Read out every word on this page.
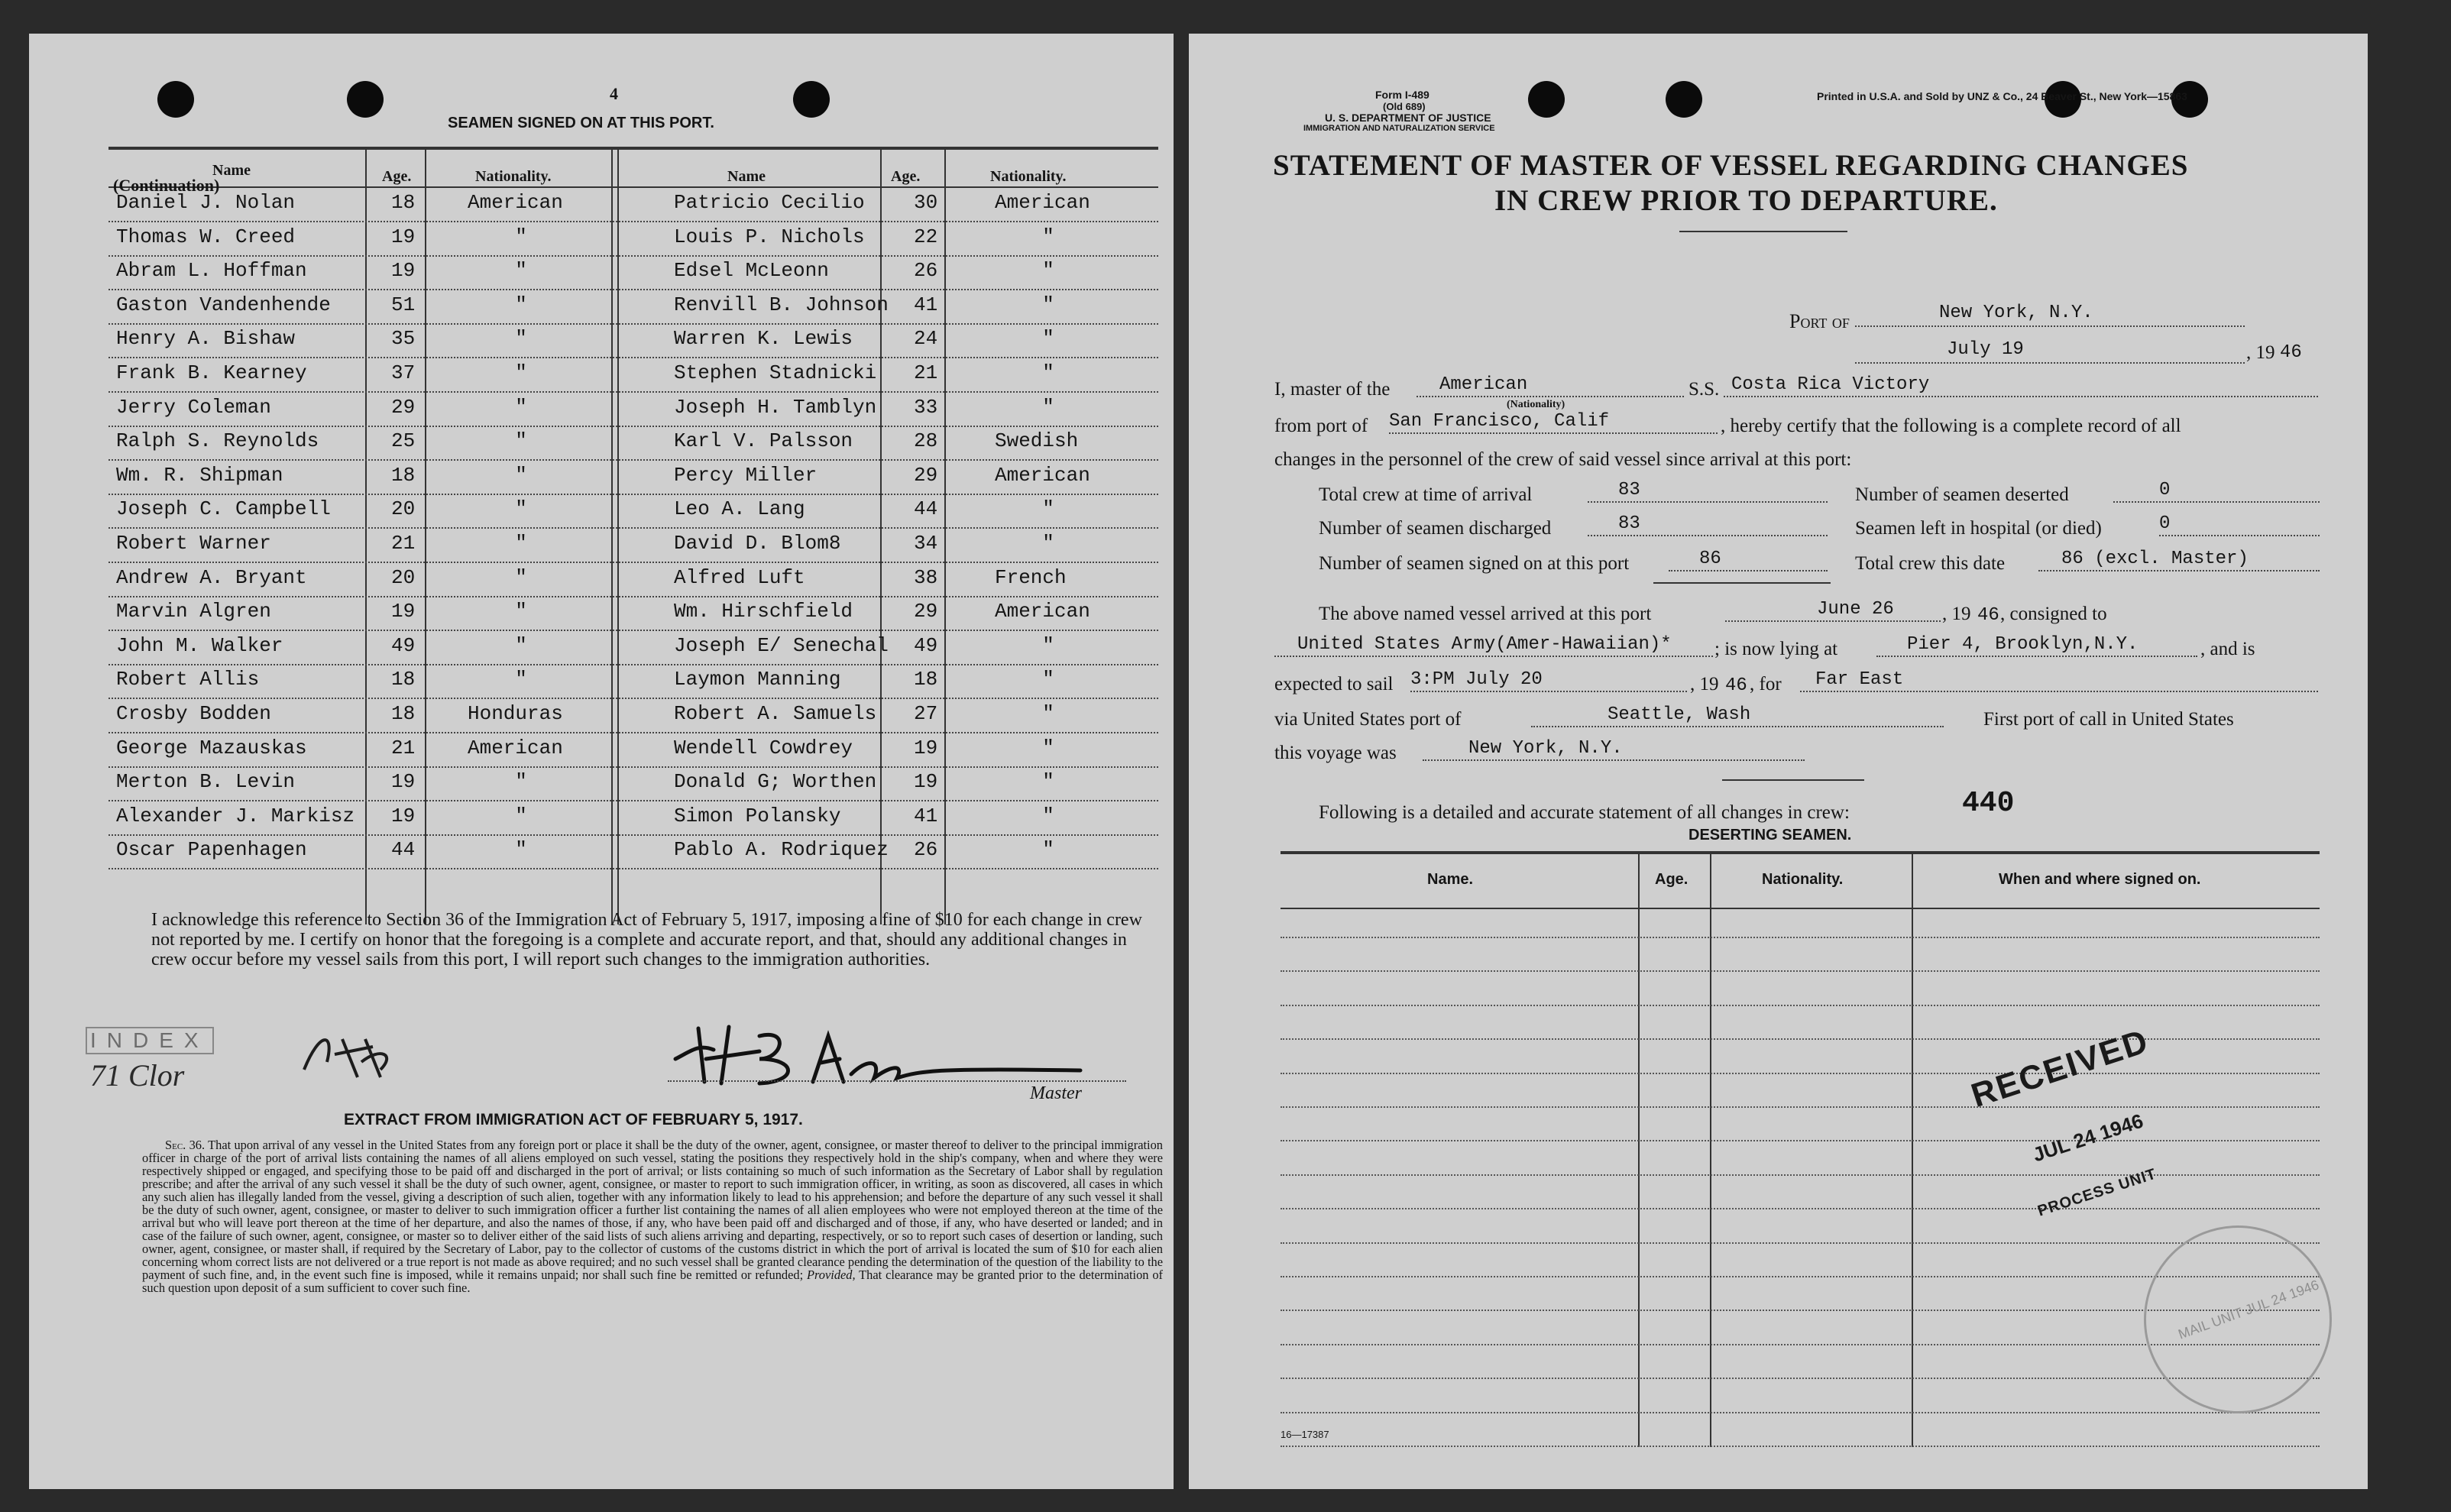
4
SEAMEN SIGNED ON AT THIS PORT.
Name
(Continuation)	Age.	Nationality.	Name	Age.	Nationality.
Daniel J. Nolan	18	American	Patricio Cecilio 30	American
Thomas W. Creed	19	"	Louis P. Nichols 22	"
Abram L. Hoffman	19	"	Edsel McLeonn	26	"
Gaston Vandenhende	51	"	Renvill B. Johnson 41	"
Henry A. Bishaw	35	"	Warren K. Lewis	24	"
Frank B. Kearney	37	"	Stephen Stadnicki 21	"
Jerry Coleman	29	"	Joseph H. Tamblyn 33	"
Ralph S. Reynolds	25	"	Karl V. Palsson	28	Swedish
Wm. R. Shipman	18	"	Percy Miller	29	American
Joseph C. Campbell	20	"	Leo A. Lang	44	"
Robert Warner	21	"	David D. Blom8	34	"
Andrew A. Bryant	20	"	Alfred Luft	38	French
Marvin Algren	19	"	Wm. Hirschfield	29	American
John M. Walker	49	"	Joseph E/ Senechal 49	"
Robert Allis	18	"	Laymon Manning	18	"
Crosby Bodden	18	Honduras	Robert A. Samuels 27	"
George Mazauskas	21	American	Wendell Cowdrey	19	"
Merton B. Levin	19	"	Donald G; Worthen 19	"
Alexander J. Markisz 19	"	Simon Polansky	41	"
Oscar Papenhagen	44	"	Pablo A. Rodriquez 26	"
I acknowledge this reference to Section 36 of the Immigration Act of February 5, 1917, imposing a fine of $10 for each change in crew not reported by me. I certify on honor that the foregoing is a complete and accurate report, and that, should any additional changes in crew occur before my vessel sails from this port, I will report such changes to the immigration authorities.
INDEX
71 Clor
Master
EXTRACT FROM IMMIGRATION ACT OF FEBRUARY 5, 1917.
Sec. 36. That upon arrival of any vessel in the United States from any foreign port or place it shall be the duty of the owner, agent, consignee, or master thereof to deliver to the principal immigration officer in charge of the port of arrival lists containing the names of all aliens employed on such vessel, stating the positions they respectively hold in the ship's company, when and where they were respectively shipped or engaged, and specifying those to be paid off and discharged in the port of arrival; or lists containing so much of such information as the Secretary of Labor shall by regulation prescribe; and after the arrival of any such vessel it shall be the duty of such owner, agent, consignee, or master to report to such immigration officer, in writing, as soon as discovered, all cases in which any such alien has illegally landed from the vessel, giving a description of such alien, together with any information likely to lead to his apprehension; and before the departure of any such vessel it shall be the duty of such owner, agent, consignee, or master to deliver to such immigration officer a further list containing the names of all alien employees who were not employed thereon at the time of the arrival but who will leave port thereon at the time of her departure, and also the names of those, if any, who have been paid off and discharged and of those, if any, who have deserted or landed; and in case of the failure of such owner, agent, consignee, or master so to deliver either of the said lists of such aliens arriving and departing, respectively, or so to report such cases of desertion or landing, such owner, agent, consignee, or master shall, if required by the Secretary of Labor, pay to the collector of customs of the customs district in which the port of arrival is located the sum of $10 for each alien concerning whom correct lists are not delivered or a true report is not made as above required; and no such vessel shall be granted clearance pending the determination of the question of the liability to the payment of such fine, and, in the event such fine is imposed, while it remains unpaid; nor shall such fine be remitted or refunded; Provided, That clearance may be granted prior to the determination of such question upon deposit of a sum sufficient to cover such fine.
Form I-489
(Old 689)
U. S. DEPARTMENT OF JUSTICE
IMMIGRATION AND NATURALIZATION SERVICE
Printed in U.S.A. and Sold by UNZ & Co., 24 Beaver St., New York—15863
STATEMENT OF MASTER OF VESSEL REGARDING CHANGES
IN CREW PRIOR TO DEPARTURE.
Port of	New York, N.Y.
July 19	, 19 46
I, master of the	American
(Nationality)
S.S. Costa Rica Victory
from port of San Francisco, Calif	, hereby certify that the following is a complete record of all
changes in the personnel of the crew of said vessel since arrival at this port:
Total crew at time of arrival	83	Number of seamen deserted	0
Number of seamen discharged	83	Seamen left in hospital (or died)	0
Number of seamen signed on at this port	86	Total crew this date	86 (excl. Master)
The above named vessel arrived at this port	June 26	, 19 46 , consigned to
United States Army(Amer-Hawaiian)*	; is now lying at	Pier 4, Brooklyn,N.Y.	, and is
expected to sail 3:PM July 20	, 19 46 , for	Far East
via United States port of	Seattle, Wash	First port of call in United States
this voyage was	New York, N.Y.
Following is a detailed and accurate statement of all changes in crew:	440
DESERTING SEAMEN.
Name.	Age.	Nationality.	When and where signed on.
RECEIVED
JUL 24 1946
PROCESS UNIT
MAIL UNIT JUL 24 1946
16—17387
